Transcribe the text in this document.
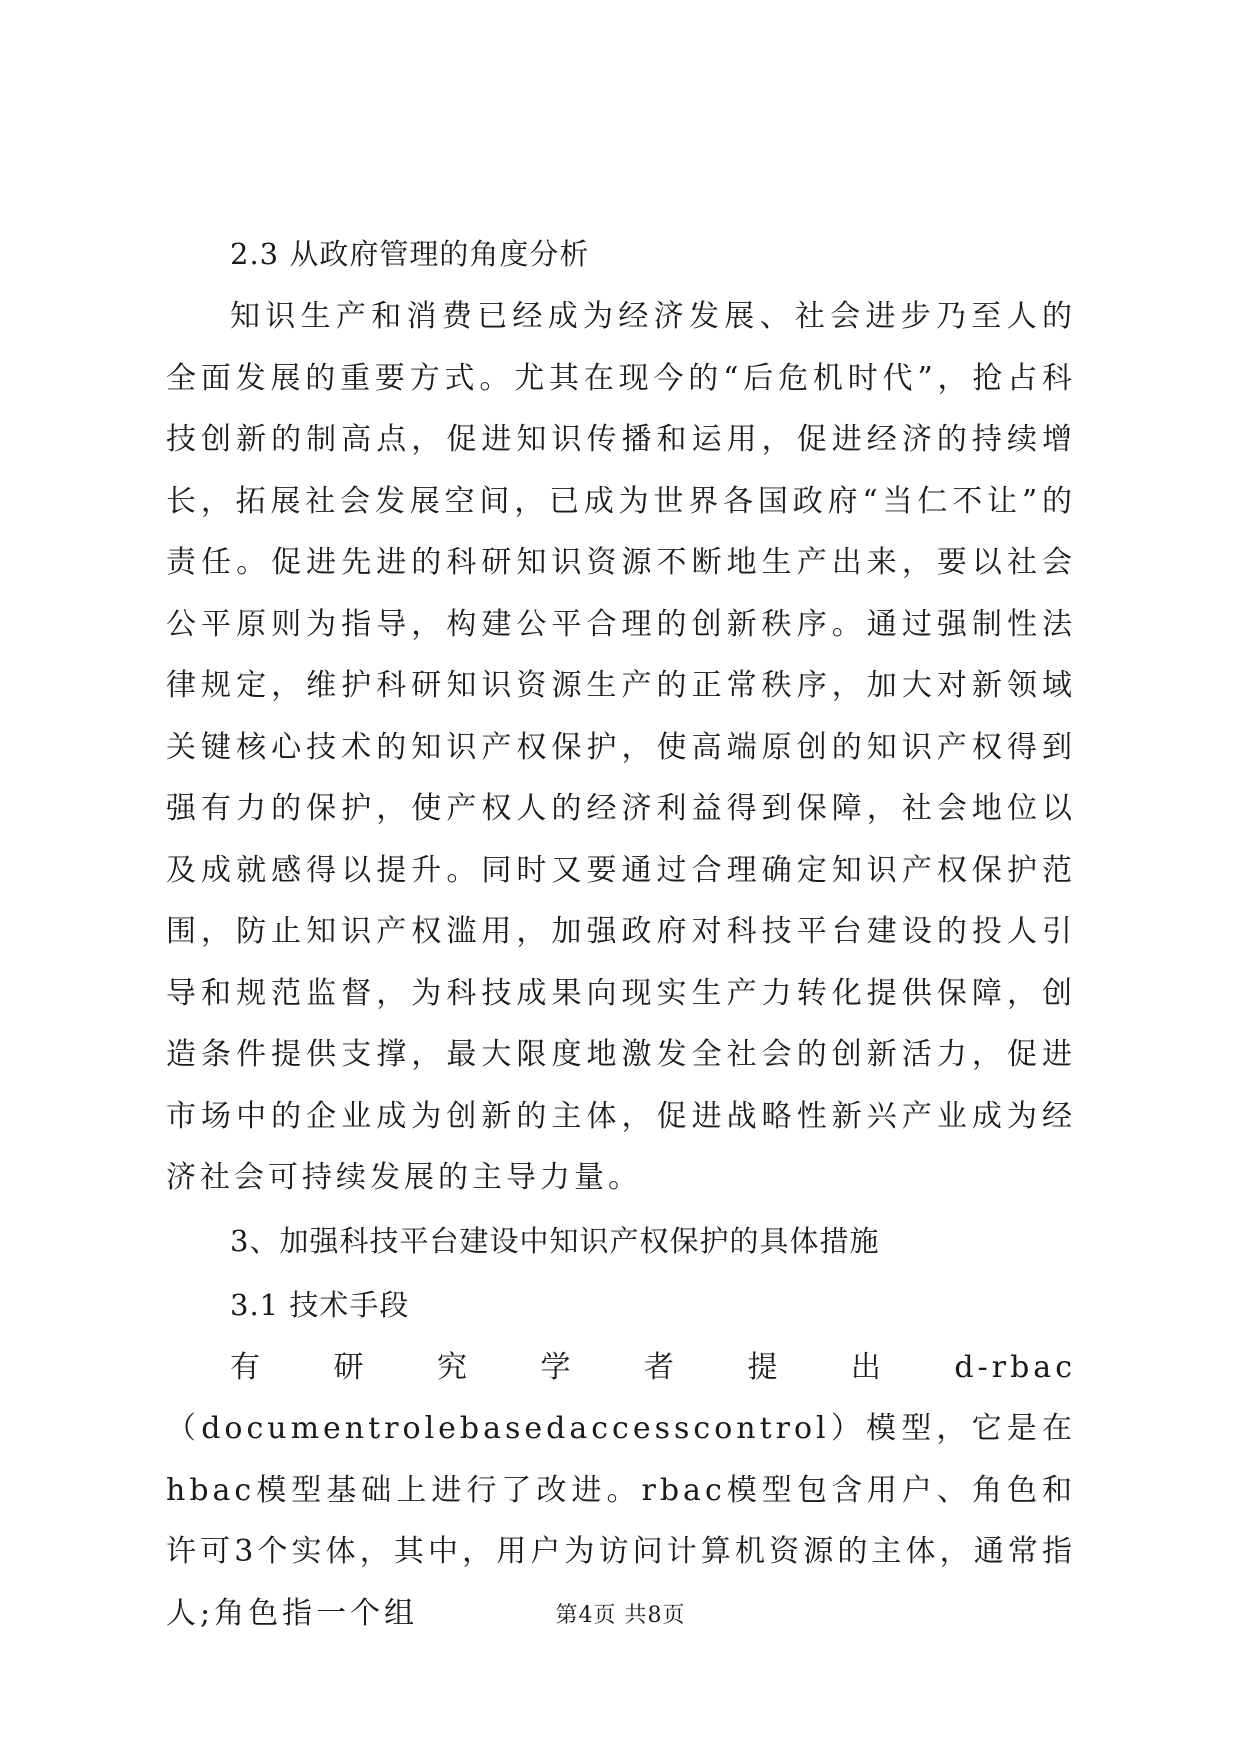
2.3 从政府管理的角度分析

知识生产和消费已经成为经济发展、社会进步乃至人的全面发展的重要方式。尤其在现今的“后危机时代”，抢占科技创新的制高点，促进知识传播和运用，促进经济的持续增长，拓展社会发展空间，已成为世界各国政府“当仁不让”的责任。促进先进的科研知识资源不断地生产出来，要以社会公平原则为指导，构建公平合理的创新秩序。通过强制性法律规定，维护科研知识资源生产的正常秩序，加大对新领域关键核心技术的知识产权保护，使高端原创的知识产权得到强有力的保护，使产权人的经济利益得到保障，社会地位以及成就感得以提升。同时又要通过合理确定知识产权保护范围，防止知识产权滥用，加强政府对科技平台建设的投人引导和规范监督，为科技成果向现实生产力转化提供保障，创造条件提供支撑，最大限度地激发全社会的创新活力，促进市场中的企业成为创新的主体，促进战略性新兴产业成为经济社会可持续发展的主导力量。

3、加强科技平台建设中知识产权保护的具体措施

3.1 技术手段

有研究学者提出d-rbac（documentrolebasedaccesscontrol）模型，它是在hbac模型基础上进行了改进。rbac模型包含用户、角色和许可3个实体，其中，用户为访问计算机资源的主体，通常指人;角色指一个组	第4页 共8页
